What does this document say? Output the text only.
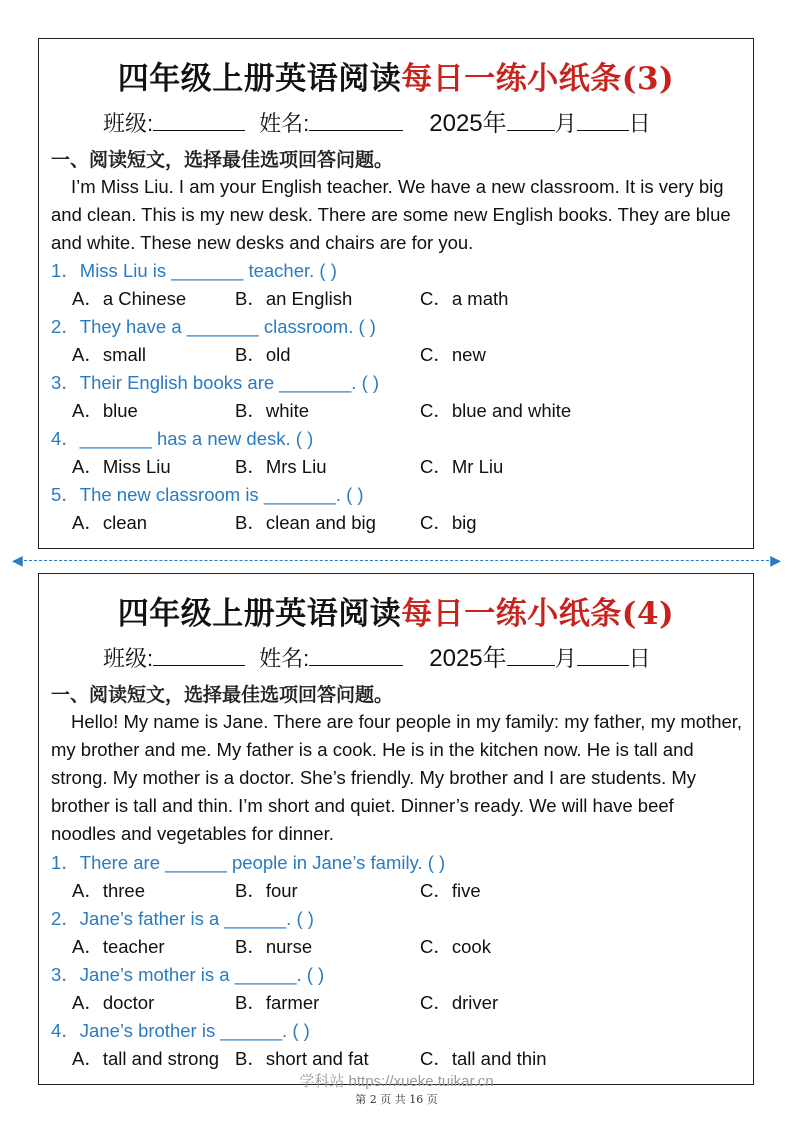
四年级上册英语阅读每日一练小纸条(3)
班级:	姓名:	2025年 月 日
一、阅读短文，选择最佳选项回答问题。
I’m Miss Liu. I am your English teacher. We have a new classroom. It is very big and clean. This is my new desk. There are some new English books. They are blue and white. These new desks and chairs are for you.
1．Miss Liu is _______ teacher. ( )
A．a Chinese	B．an English	C．a math
2．They have a _______ classroom. ( )
A．small	B．old	C．new
3．Their English books are _______. ( )
A．blue	B．white	C．blue and white
4．_______ has a new desk. ( )
A．Miss Liu	B．Mrs Liu	C．Mr Liu
5．The new classroom is _______. ( )
A．clean	B．clean and big C．big
◀	▶
四年级上册英语阅读每日一练小纸条(4)
班级:	姓名:	2025年 月 日
一、阅读短文，选择最佳选项回答问题。
Hello! My name is Jane. There are four people in my family: my father, my mother, my brother and me. My father is a cook. He is in the kitchen now. He is tall and strong. My mother is a doctor. She’s friendly. My brother and I are students. My brother is tall and thin. I’m short and quiet. Dinner’s ready. We will have beef noodles and vegetables for dinner.
1．There are ______ people in Jane’s family. ( )
A．three	B．four	C．five
2．Jane’s father is a ______. ( )
A．teacher	B．nurse	C．cook
3．Jane’s mother is a ______. ( )
A．doctor	B．farmer	C．driver
4．Jane’s brother is ______. ( )
A．tall and strong B．short and fat	C．tall and thin
学科站 https://xueke.tuikar.cn
第 2 页 共 16 页
